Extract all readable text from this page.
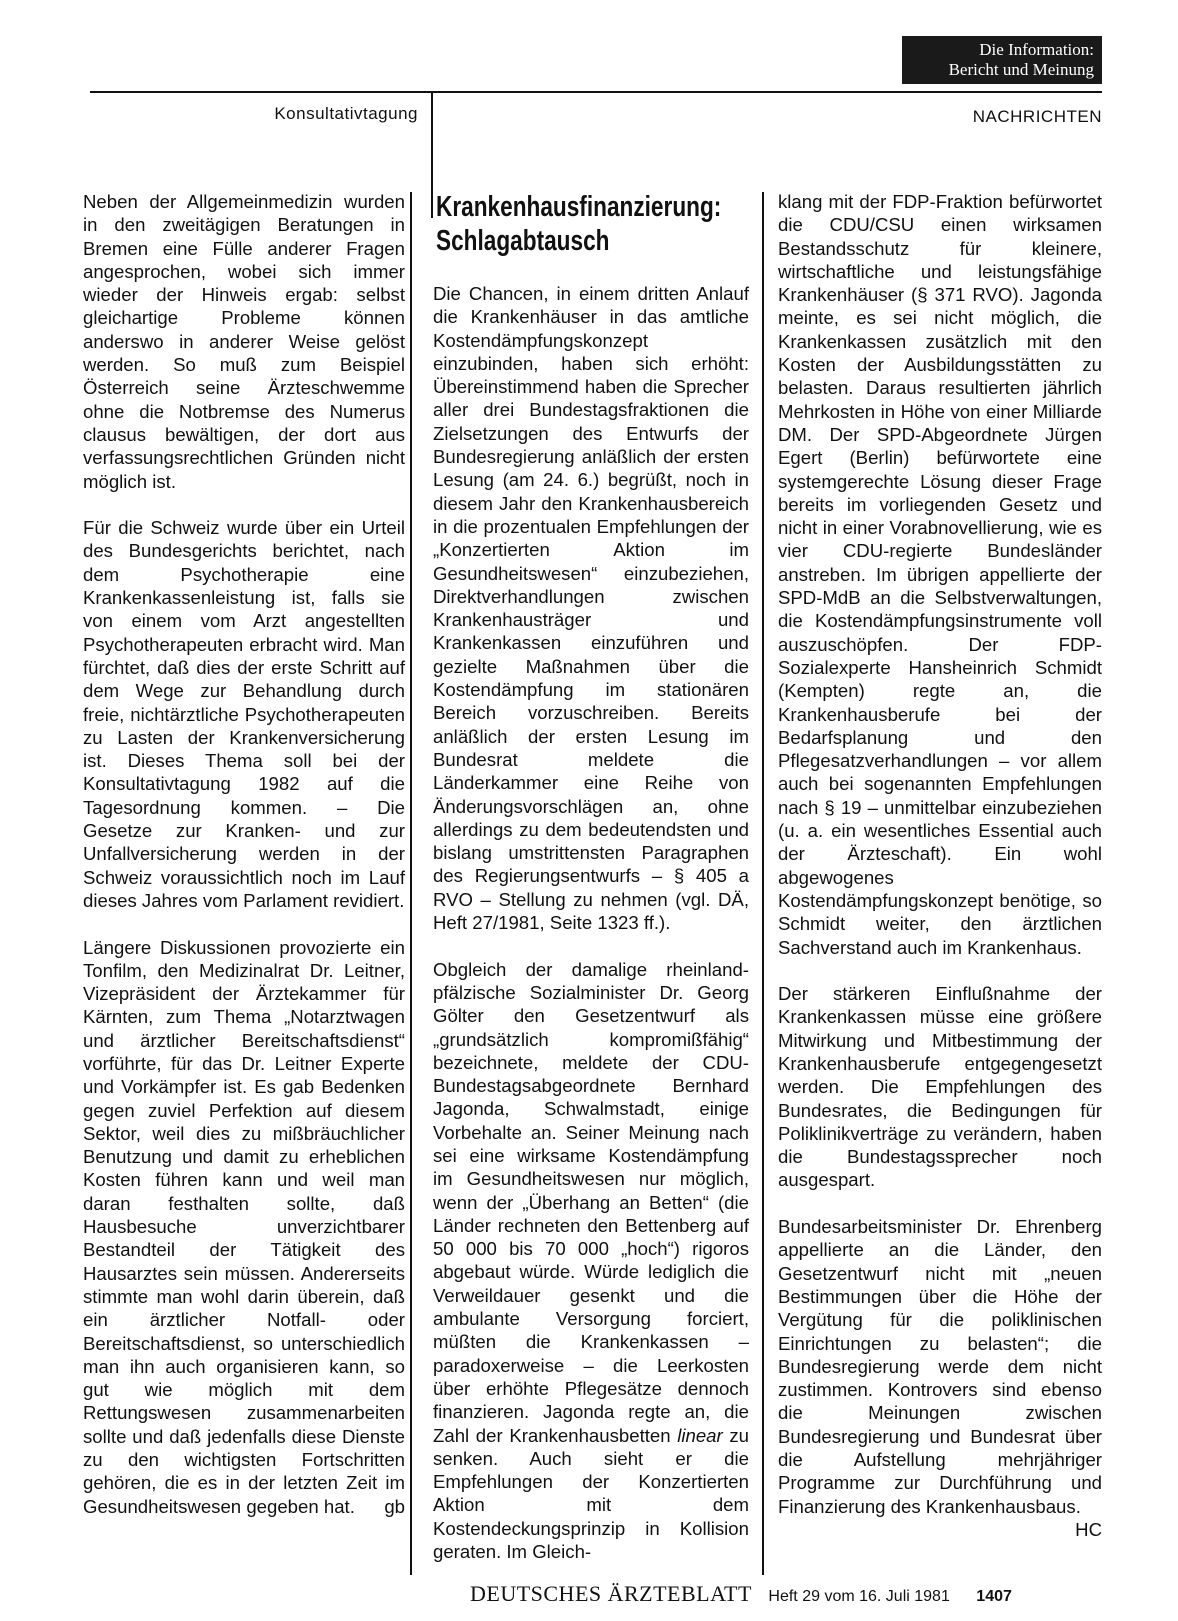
Die Information:
Bericht und Meinung
Konsultativtagung	NACHRICHTEN

Neben der Allgemeinmedizin wurden in den zweitägigen Beratungen in Bremen eine Fülle anderer Fragen angesprochen, wobei sich immer wieder der Hinweis ergab: selbst gleichartige Probleme können anderswo in anderer Weise gelöst werden. So muß zum Beispiel Österreich seine Ärzteschwemme ohne die Notbremse des Numerus clausus bewältigen, der dort aus verfassungsrechtlichen Gründen nicht möglich ist.

Für die Schweiz wurde über ein Urteil des Bundesgerichts berichtet, nach dem Psychotherapie eine Krankenkassenleistung ist, falls sie von einem vom Arzt angestellten Psychotherapeuten erbracht wird. Man fürchtet, daß dies der erste Schritt auf dem Wege zur Behandlung durch freie, nichtärztliche Psychotherapeuten zu Lasten der Krankenversicherung ist. Dieses Thema soll bei der Konsultativtagung 1982 auf die Tagesordnung kommen. – Die Gesetze zur Kranken- und zur Unfallversicherung werden in der Schweiz voraussichtlich noch im Lauf dieses Jahres vom Parlament revidiert.

Längere Diskussionen provozierte ein Tonfilm, den Medizinalrat Dr. Leitner, Vizepräsident der Ärztekammer für Kärnten, zum Thema „Notarztwagen und ärztlicher Bereitschaftsdienst“ vorführte, für das Dr. Leitner Experte und Vorkämpfer ist. Es gab Bedenken gegen zuviel Perfektion auf diesem Sektor, weil dies zu mißbräuchlicher Benutzung und damit zu erheblichen Kosten führen kann und weil man daran festhalten sollte, daß Hausbesuche unverzichtbarer Bestandteil der Tätigkeit des Hausarztes sein müssen. Andererseits stimmte man wohl darin überein, daß ein ärztlicher Notfall- oder Bereitschaftsdienst, so unterschiedlich man ihn auch organisieren kann, so gut wie möglich mit dem Rettungswesen zusammenarbeiten sollte und daß jedenfalls diese Dienste zu den wichtigsten Fortschritten gehören, die es in der letzten Zeit im Gesundheitswesen gegeben hat. gb

Krankenhausfinanzierung:
Schlagabtausch

Die Chancen, in einem dritten Anlauf die Krankenhäuser in das amtliche Kostendämpfungskonzept einzubinden, haben sich erhöht: Übereinstimmend haben die Sprecher aller drei Bundestagsfraktionen die Zielsetzungen des Entwurfs der Bundesregierung anläßlich der ersten Lesung (am 24. 6.) begrüßt, noch in diesem Jahr den Krankenhausbereich in die prozentualen Empfehlungen der „Konzertierten Aktion im Gesundheitswesen“ einzubeziehen, Direktverhandlungen zwischen Krankenhausträger und Krankenkassen einzuführen und gezielte Maßnahmen über die Kostendämpfung im stationären Bereich vorzuschreiben. Bereits anläßlich der ersten Lesung im Bundesrat meldete die Länderkammer eine Reihe von Änderungsvorschlägen an, ohne allerdings zu dem bedeutendsten und bislang umstrittensten Paragraphen des Regierungsentwurfs – § 405 a RVO – Stellung zu nehmen (vgl. DÄ, Heft 27/1981, Seite 1323 ff.).

Obgleich der damalige rheinland-pfälzische Sozialminister Dr. Georg Gölter den Gesetzentwurf als „grundsätzlich kompromißfähig“ bezeichnete, meldete der CDU-Bundestagsabgeordnete Bernhard Jagonda, Schwalmstadt, einige Vorbehalte an. Seiner Meinung nach sei eine wirksame Kostendämpfung im Gesundheitswesen nur möglich, wenn der „Überhang an Betten“ (die Länder rechneten den Bettenberg auf 50 000 bis 70 000 „hoch“) rigoros abgebaut würde. Würde lediglich die Verweildauer gesenkt und die ambulante Versorgung forciert, müßten die Krankenkassen – paradoxerweise – die Leerkosten über erhöhte Pflegesätze dennoch finanzieren. Jagonda regte an, die Zahl der Krankenhausbetten linear zu senken. Auch sieht er die Empfehlungen der Konzertierten Aktion mit dem Kostendeckungsprinzip in Kollision geraten. Im Gleich-

klang mit der FDP-Fraktion befürwortet die CDU/CSU einen wirksamen Bestandsschutz für kleinere, wirtschaftliche und leistungsfähige Krankenhäuser (§ 371 RVO). Jagonda meinte, es sei nicht möglich, die Krankenkassen zusätzlich mit den Kosten der Ausbildungsstätten zu belasten. Daraus resultierten jährlich Mehrkosten in Höhe von einer Milliarde DM. Der SPD-Abgeordnete Jürgen Egert (Berlin) befürwortete eine systemgerechte Lösung dieser Frage bereits im vorliegenden Gesetz und nicht in einer Vorabnovellierung, wie es vier CDU-regierte Bundesländer anstreben. Im übrigen appellierte der SPD-MdB an die Selbstverwaltungen, die Kostendämpfungsinstrumente voll auszuschöpfen. Der FDP-Sozialexperte Hansheinrich Schmidt (Kempten) regte an, die Krankenhausberufe bei der Bedarfsplanung und den Pflegesatzverhandlungen – vor allem auch bei sogenannten Empfehlungen nach § 19 – unmittelbar einzubeziehen (u. a. ein wesentliches Essential auch der Ärzteschaft). Ein wohl abgewogenes Kostendämpfungskonzept benötige, so Schmidt weiter, den ärztlichen Sachverstand auch im Krankenhaus.

Der stärkeren Einflußnahme der Krankenkassen müsse eine größere Mitwirkung und Mitbestimmung der Krankenhausberufe entgegengesetzt werden. Die Empfehlungen des Bundesrates, die Bedingungen für Poliklinikverträge zu verändern, haben die Bundestagssprecher noch ausgespart.

Bundesarbeitsminister Dr. Ehrenberg appellierte an die Länder, den Gesetzentwurf nicht mit „neuen Bestimmungen über die Höhe der Vergütung für die poliklinischen Einrichtungen zu belasten“; die Bundesregierung werde dem nicht zustimmen. Kontrovers sind ebenso die Meinungen zwischen Bundesregierung und Bundesrat über die Aufstellung mehrjähriger Programme zur Durchführung und Finanzierung des Krankenhausbaus.
HC

DEUTSCHES ÄRZTEBLATT Heft 29 vom 16. Juli 1981 1407
